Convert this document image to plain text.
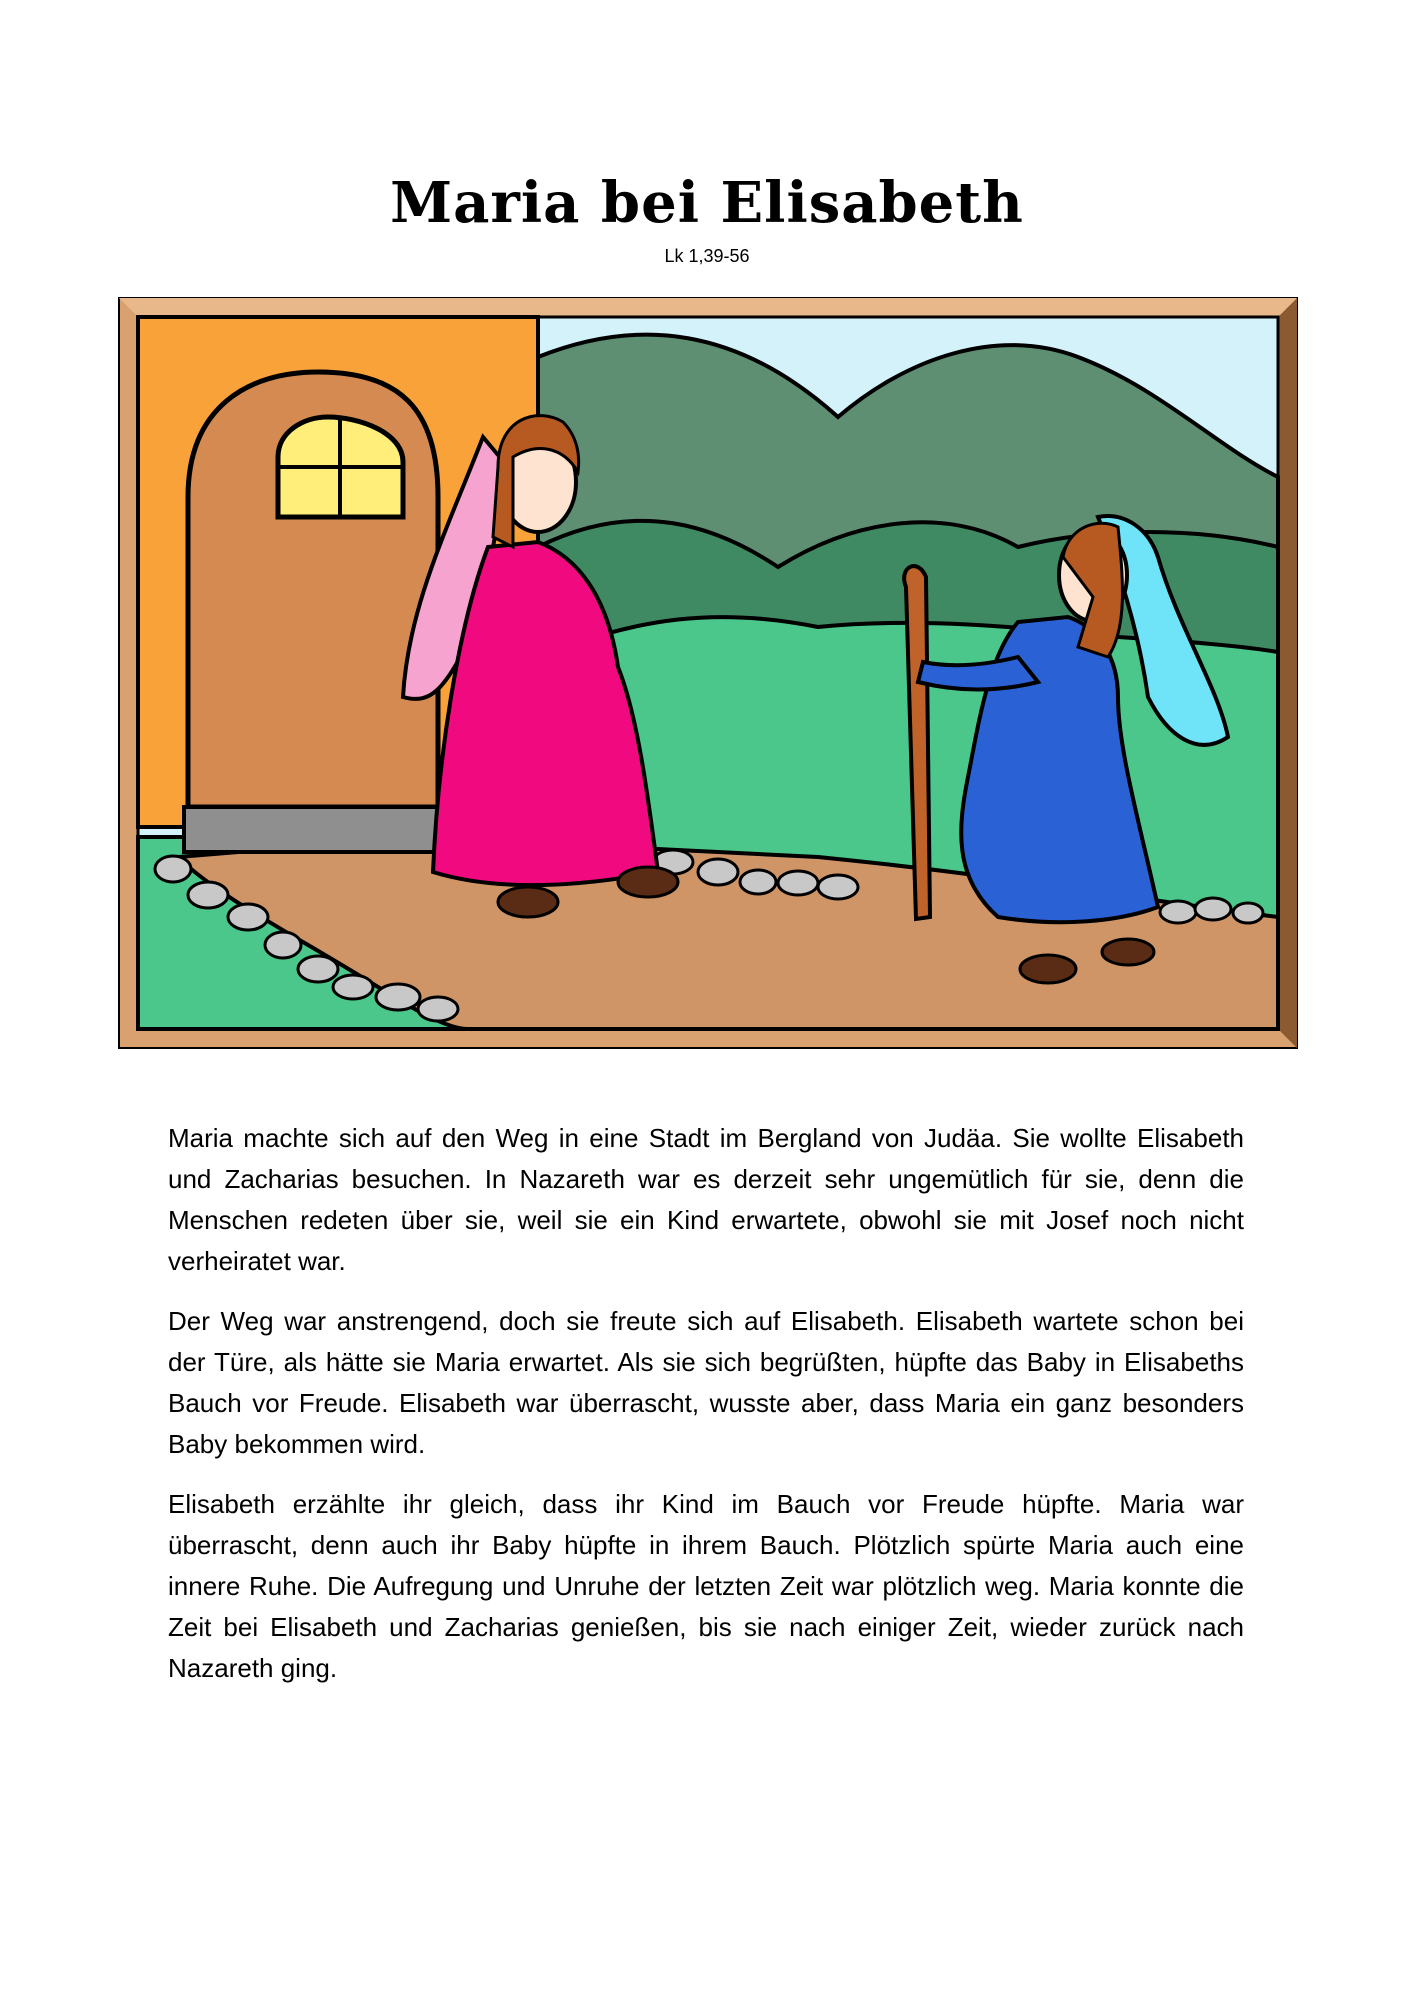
Maria bei Elisabeth
Lk 1,39-56

Maria machte sich auf den Weg in eine Stadt im Bergland von Judäa. Sie wollte Elisabeth und Zacharias besuchen. In Nazareth war es derzeit sehr ungemütlich für sie, denn die Menschen redeten über sie, weil sie ein Kind erwartete, obwohl sie mit Josef noch nicht verheiratet war.

Der Weg war anstrengend, doch sie freute sich auf Elisabeth. Elisabeth wartete schon bei der Türe, als hätte sie Maria erwartet. Als sie sich begrüßten, hüpfte das Baby in Elisabeths Bauch vor Freude. Elisabeth war überrascht, wusste aber, dass Maria ein ganz besonders Baby bekommen wird.

Elisabeth erzählte ihr gleich, dass ihr Kind im Bauch vor Freude hüpfte. Maria war überrascht, denn auch ihr Baby hüpfte in ihrem Bauch. Plötzlich spürte Maria auch eine innere Ruhe. Die Aufregung und Unruhe der letzten Zeit war plötzlich weg. Maria konnte die Zeit bei Elisabeth und Zacharias genießen, bis sie nach einiger Zeit, wieder zurück nach Nazareth ging.
